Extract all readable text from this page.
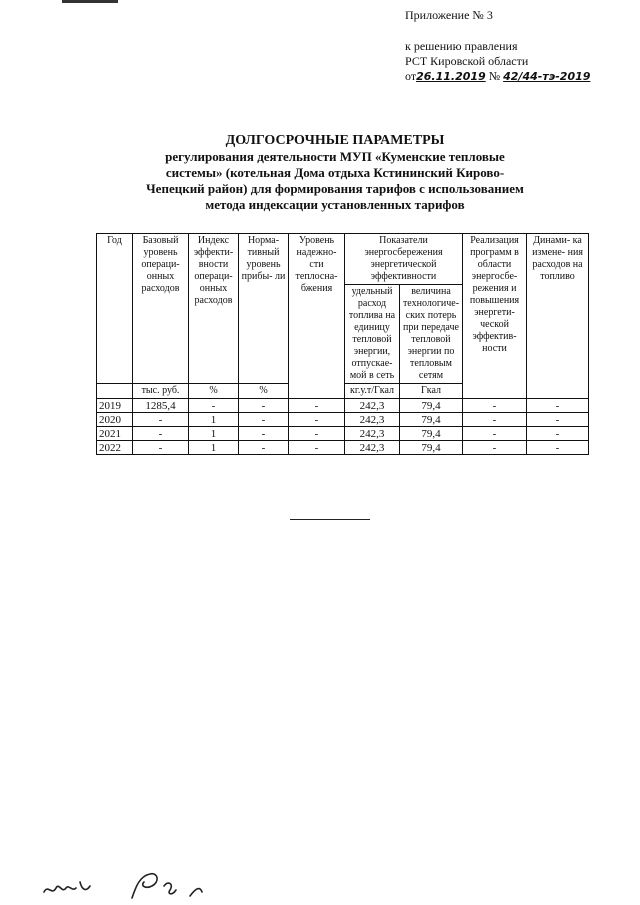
Приложение № 3
к решению правления
РСТ Кировской области
от26.11.2019 № 42/44-тэ-2019
ДОЛГОСРОЧНЫЕ ПАРАМЕТРЫ
регулирования деятельности МУП «Куменские тепловые
системы» (котельная Дома отдыха Кстининский Кирово-
Чепецкий район) для формирования тарифов с использованием
метода индексации установленных тарифов
Год	Базовый уровень операци- онных расходов	Индекс эффекти- вности операци- онных расходов	Норма- тивный уровень прибы- ли	Уровень надежно- сти теплосна- бжения	Показатели энергосбережения энергетической эффективности		Реализация программ в области энергосбе- режения и повышения энергети- ческой эффектив- ности	Динами- ка измене- ния расходов на топливо
					удельный расход топлива на единицу тепловой энергии, отпускае- мой в сеть	величина технологиче- ских потерь при передаче тепловой энергии по тепловым сетям		
	тыс. руб.	%	%		кг.у.т/Гкал	Гкал		
2019	1285,4	-	-	-	242,3	79,4	-	-
2020	-	1	-	-	242,3	79,4	-	-
2021	-	1	-	-	242,3	79,4	-	-
2022	-	1	-	-	242,3	79,4	-	-
